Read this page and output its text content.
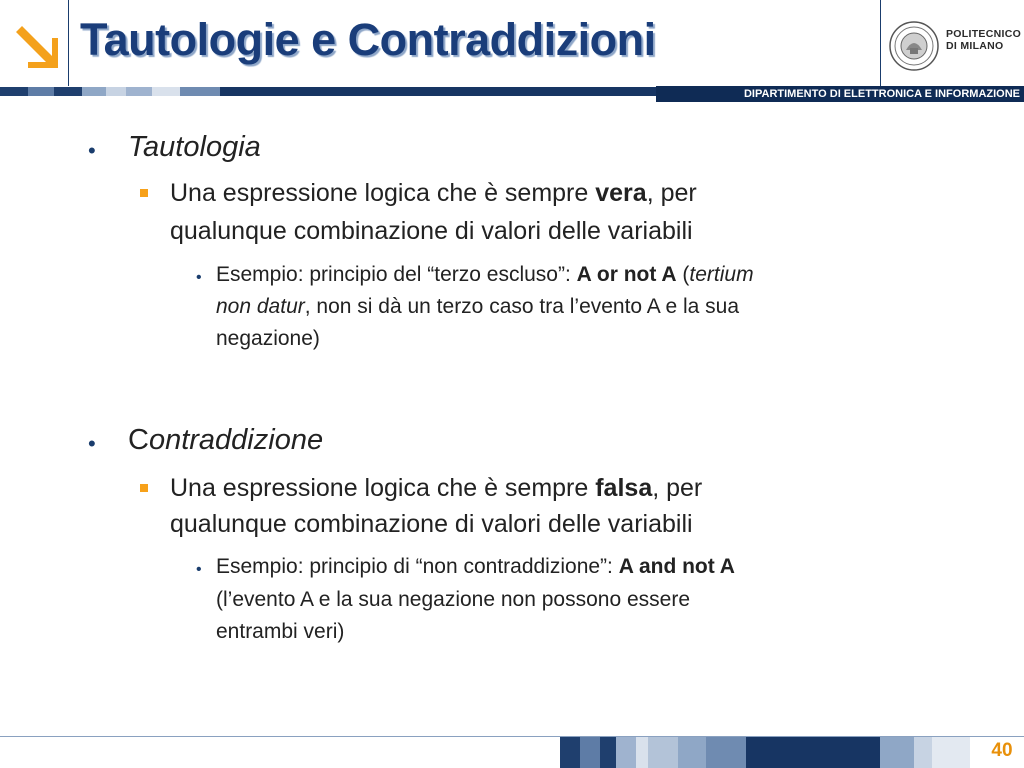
Tautologie e Contraddizioni	POLITECNICO
DI MILANO
DIPARTIMENTO DI ELETTRONICA E INFORMAZIONE
• Tautologia
Una espressione logica che è sempre vera, per
qualunque combinazione di valori delle variabili
• Esempio: principio del “terzo escluso”: A or not A (tertium
non datur, non si dà un terzo caso tra l’evento A e la sua
negazione)
• Contraddizione
Una espressione logica che è sempre falsa, per
qualunque combinazione di valori delle variabili
• Esempio: principio di “non contraddizione”: A and not A
(l’evento A e la sua negazione non possono essere
entrambi veri)
40
